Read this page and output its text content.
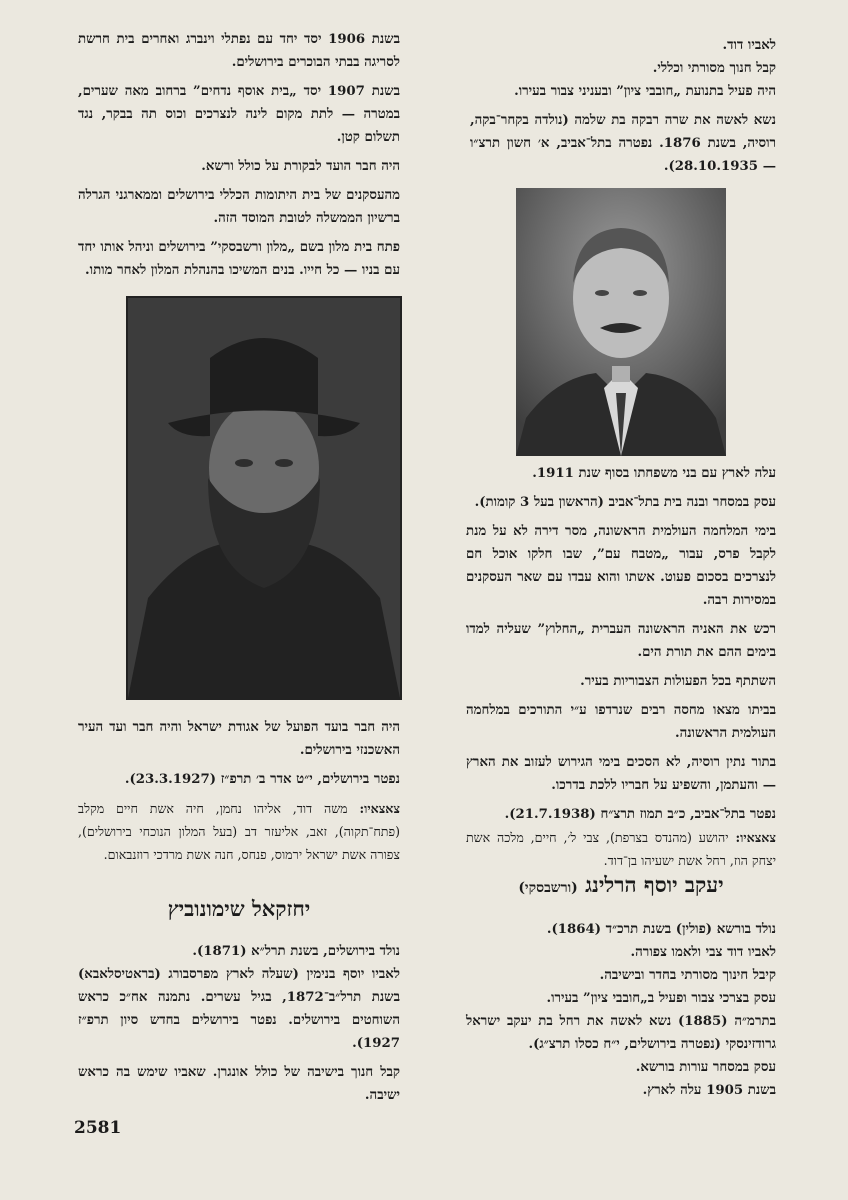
לאביו דוד.

קבל חנוך מסורתי וכללי.

היה פעיל בתנועת „חובבי ציון” ובעניני צבור בעירו.

נשא לאשה את שרה רבקה בת שלמה (נולדה בקחר־בקה, רוסיה, בשנת 1876. נפטרה בתל־אביב, א׳ חשון תרצ״ו — 28.10.1935).

בשנת 1906 יסד יחד עם נפתלי וינברג ואחרים בית חרשת לסריגה בבתי הבוכרים בירושלים.

בשנת 1907 יסד „בית אוסף נדחים” ברחוב מאה שערים, במטרה — לתת מקום לינה לנצרכים וכוס תה בבקר, נגד תשלום קטן.

היה חבר הועד לבקורת על כולל ורשא.

מהעסקנים של בית היתומות הכללי בירושלים וממארגני הגרלה ברשיון הממשלה לטובת המוסד הזה.

פתח בית מלון בשם „מלון ורשבסקי” בירושלים וניהל אותו יחד עם בניו — כל חייו. בנים המשיכו בהנהלת המלון לאחר מותו.

עלה לארץ עם בני משפחתו בסוף שנת 1911.

עסק במסחר ובנה בית בתל־אביב (הראשון בעל 3 קומות).

בימי המלחמה העולמית הראשונה, מסר דירה לא על מנת לקבל פרס, עבור „מטבח עם”, שבו חלקו אוכל חם לנצרכים בסכום פעוט. אשתו והוא עבדו עם שאר העסקנים במסירות רבה.

רכש את האניה הראשונה העברית „החלוץ” שעליה למדו בימים ההם את תורת הים.

השתתף בכל הפעולות הצבוריות בעיר.

בביתו מצאו מחסה רבים שנרדפו ע״י התורכים במלחמה העולמית הראשונה.

בתור נתין רוסיה, לא הסכים בימי הגירוש לעזוב את הארץ — והעתמן, והשפיע על חבריו ללכת בדרכו.

נפטר בתל־אביב, כ״ב תמוז תרצ״ח (21.7.1938).

צאצאיו: יהושע (מהנדס בצרפת), צבי ל׳, חיים, מלכה אשת יצחק הוז, רחל אשת ישעיהו בן־דוד.

היה חבר בועד הפועל של אגודת ישראל והיה חבר ועד העיר האשכנזי בירושלים.

נפטר בירושלים, י״ט אדר ב׳ תרפ״ז (23.3.1927).

צאצאיו: משה דוד, אליהו נחמן, חיה אשת חיים מקלב (פתח־תקוה), זאב, אליעזר דב (בעל המלון הנוכחי בירושלים), צפורה אשת ישראל ירמוס, פנחס, חנה אשת מרדכי רוזנבאום.

יעקב יוסף הרלינג (ורשבסקי)

נולד בורשא (פולין) בשנת תרכ״ד (1864).

לאביו דוד צבי ולאמו צפורה.

קיבל חינוך מסורתי בחדר ובישיבה.

עסק בצרכי צבור ופעיל ב„חובבי ציון” בעירו.

בתרמ״ה (1885) נשא לאשה את רחל בת יעקב ישראל גרודזינסקי (נפטרה בירושלים, י״ח כסלו תרצ״ג).

עסק במסחר עורות בורשא.

בשנת 1905 עלה לארץ.

יחזקאל שימונוביץ

נולד בירושלים, בשנת תרל״א (1871).

לאביו יוסף בנימין (שעלה לארץ מפרסבורג (בראטיסלאבא) בשנת תרל״ב־1872, בגיל עשרים. נתמנה אח״כ כראש השוחטים בירושלים. נפטר בירושלים בחדש סיון תרפ״ז 1927).

קבל חנוך בישיבה של כולל אונגרן. שאביו שימש בה כראש ישיבה.

2581
